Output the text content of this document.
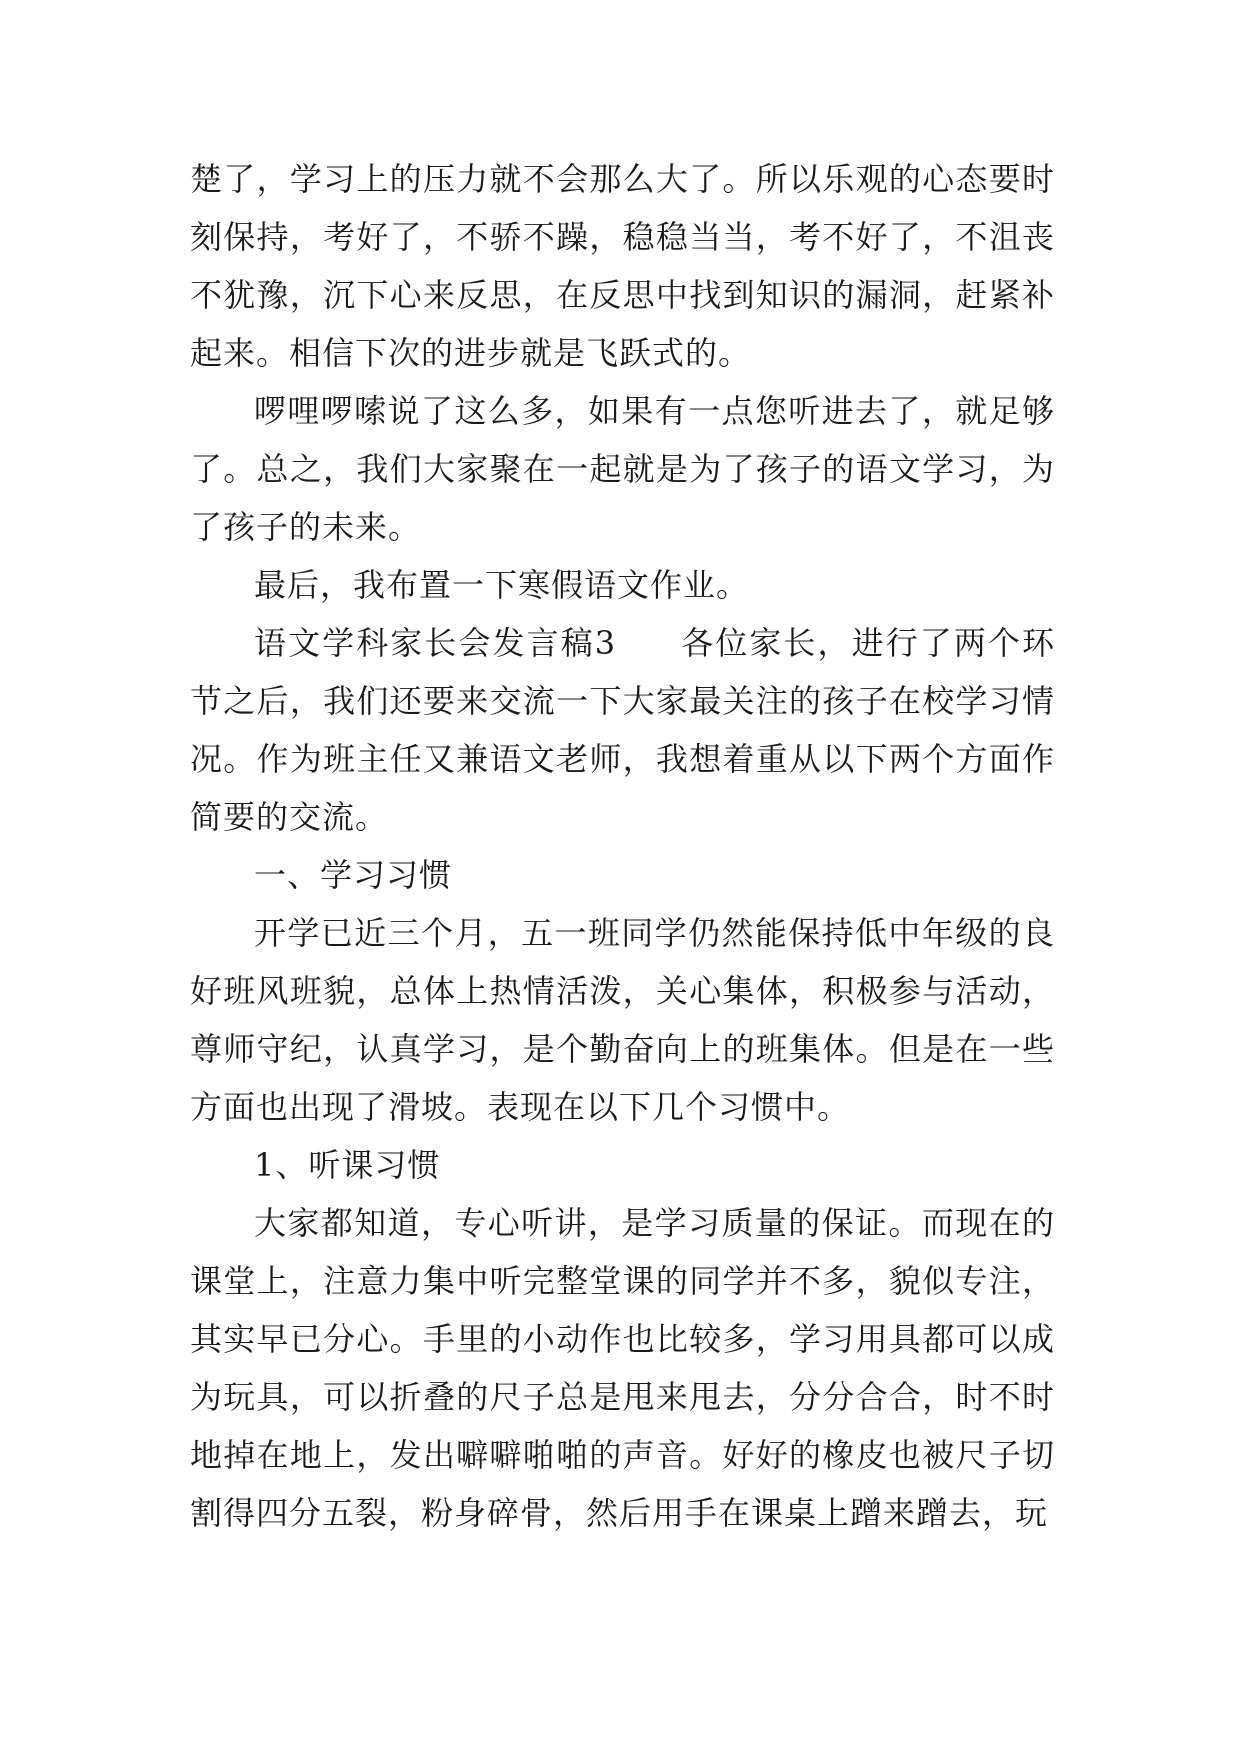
楚了，学习上的压力就不会那么大了。所以乐观的心态要时刻保持，考好了，不骄不躁，稳稳当当，考不好了，不沮丧不犹豫，沉下心来反思，在反思中找到知识的漏洞，赶紧补起来。相信下次的进步就是飞跃式的。

啰哩啰嗦说了这么多，如果有一点您听进去了，就足够了。总之，我们大家聚在一起就是为了孩子的语文学习，为了孩子的未来。

最后，我布置一下寒假语文作业。

语文学科家长会发言稿3 各位家长，进行了两个环节之后，我们还要来交流一下大家最关注的孩子在校学习情况。作为班主任又兼语文老师，我想着重从以下两个方面作简要的交流。

一、学习习惯

开学已近三个月，五一班同学仍然能保持低中年级的良好班风班貌，总体上热情活泼，关心集体，积极参与活动，尊师守纪，认真学习，是个勤奋向上的班集体。但是在一些方面也出现了滑坡。表现在以下几个习惯中。

1、听课习惯

大家都知道，专心听讲，是学习质量的保证。而现在的课堂上，注意力集中听完整堂课的同学并不多，貌似专注，其实早已分心。手里的小动作也比较多，学习用具都可以成为玩具，可以折叠的尺子总是甩来甩去，分分合合，时不时地掉在地上，发出噼噼啪啪的声音。好好的橡皮也被尺子切割得四分五裂，粉身碎骨，然后用手在课桌上蹭来蹭去，玩
